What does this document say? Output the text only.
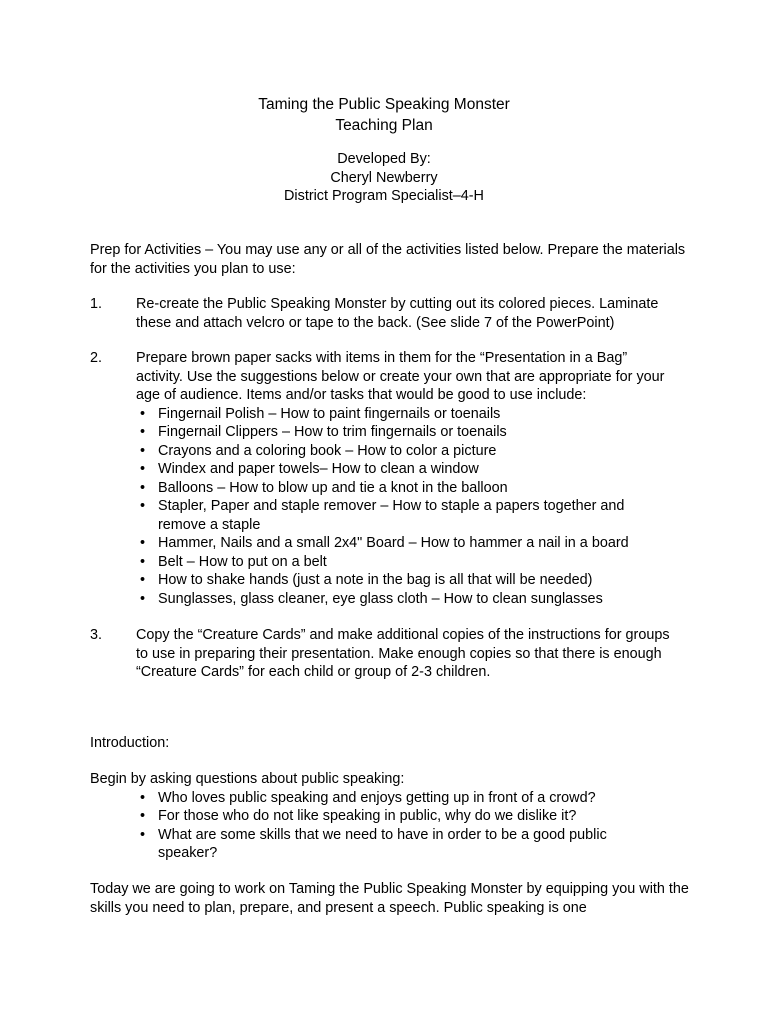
Taming the Public Speaking Monster
Teaching Plan
Developed By:
Cheryl Newberry
District Program Specialist–4-H

Prep for Activities – You may use any or all of the activities listed below. Prepare the materials for the activities you plan to use:

1.	Re-create the Public Speaking Monster by cutting out its colored pieces. Laminate these and attach velcro or tape to the back. (See slide 7 of the PowerPoint)

2.	Prepare brown paper sacks with items in them for the “Presentation in a Bag” activity. Use the suggestions below or create your own that are appropriate for your age of audience. Items and/or tasks that would be good to use include:

• Fingernail Polish – How to paint fingernails or toenails
• Fingernail Clippers – How to trim fingernails or toenails
• Crayons and a coloring book – How to color a picture
• Windex and paper towels– How to clean a window
• Balloons – How to blow up and tie a knot in the balloon
• Stapler, Paper and staple remover – How to staple a papers together and remove a staple
• Hammer, Nails and a small 2x4" Board – How to hammer a nail in a board
• Belt – How to put on a belt
• How to shake hands (just a note in the bag is all that will be needed)
• Sunglasses, glass cleaner, eye glass cloth – How to clean sunglasses
3.	Copy the “Creature Cards” and make additional copies of the instructions for groups to use in preparing their presentation. Make enough copies so that there is enough “Creature Cards” for each child or group of 2-3 children.

Introduction:

Begin by asking questions about public speaking:

• Who loves public speaking and enjoys getting up in front of a crowd?
• For those who do not like speaking in public, why do we dislike it?
• What are some skills that we need to have in order to be a good public speaker?

Today we are going to work on Taming the Public Speaking Monster by equipping you with the skills you need to plan, prepare, and present a speech. Public speaking is one
